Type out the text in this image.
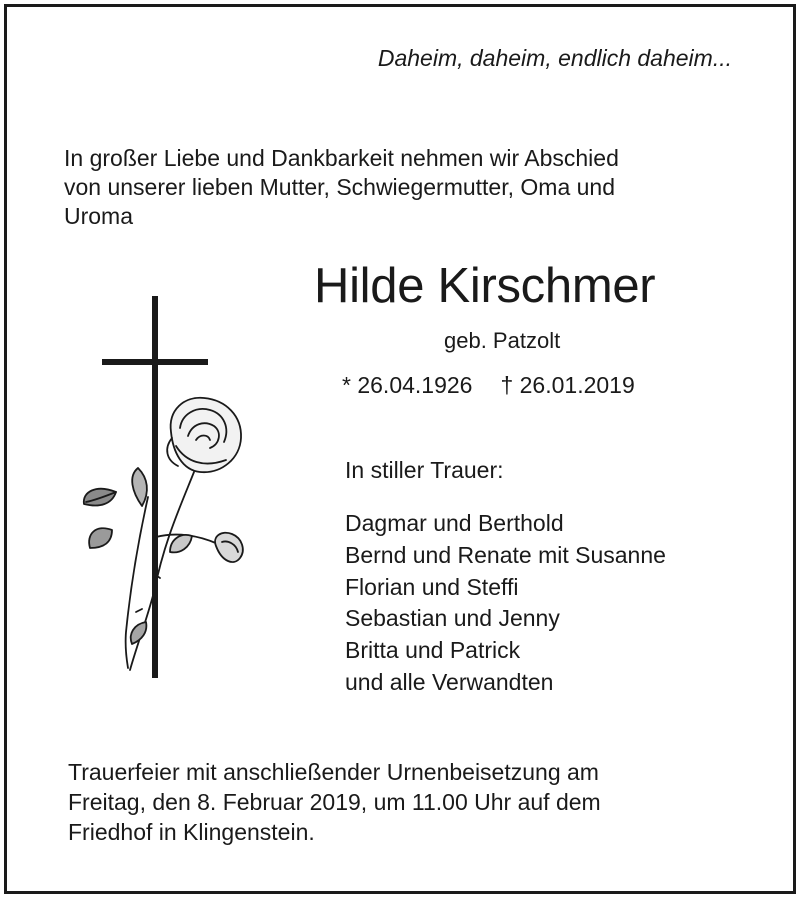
Daheim, daheim, endlich daheim...
In großer Liebe und Dankbarkeit nehmen wir Abschied
von unserer lieben Mutter, Schwiegermutter, Oma und
Uroma
Hilde Kirschmer
geb. Patzolt
* 26.04.1926 † 26.01.2019
In stiller Trauer:
Dagmar und Berthold
Bernd und Renate mit Susanne
Florian und Steffi
Sebastian und Jenny
Britta und Patrick
und alle Verwandten
Trauerfeier mit anschließender Urnenbeisetzung am
Freitag, den 8. Februar 2019, um 11.00 Uhr auf dem
Friedhof in Klingenstein.
